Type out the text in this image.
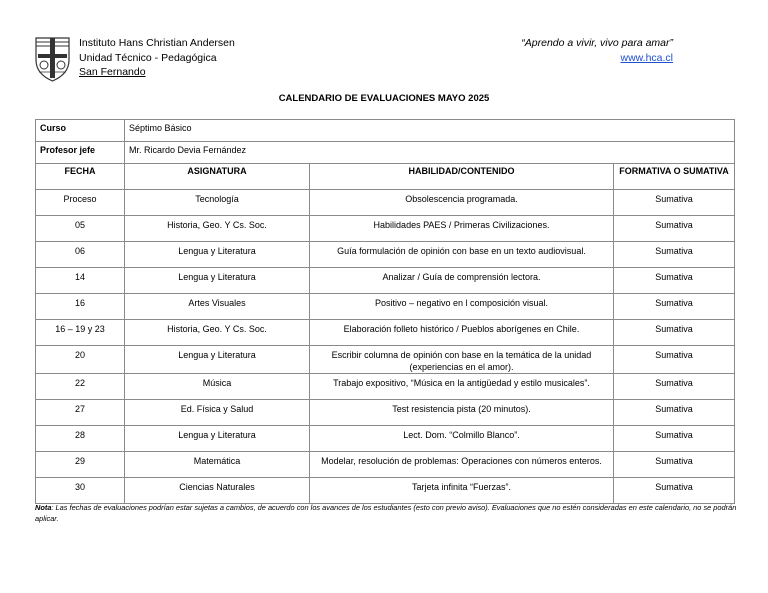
Instituto Hans Christian Andersen
Unidad Técnico - Pedagógica
San Fernando
“Aprendo a vivir, vivo para amar”
www.hca.cl
CALENDARIO DE EVALUACIONES MAYO 2025
Curso	Séptimo Básico
Profesor jefe	Mr. Ricardo Devia Fernández
FECHA	ASIGNATURA	HABILIDAD/CONTENIDO	FORMATIVA O SUMATIVA
Proceso	Tecnología	Obsolescencia programada.	Sumativa
05	Historia, Geo. Y Cs. Soc.	Habilidades PAES / Primeras Civilizaciones.	Sumativa
06	Lengua y Literatura	Guía formulación de opinión con base en un texto audiovisual.	Sumativa
14	Lengua y Literatura	Analizar / Guía de comprensión lectora.	Sumativa
16	Artes Visuales	Positivo – negativo en l composición visual.	Sumativa
16 – 19 y 23	Historia, Geo. Y Cs. Soc.	Elaboración folleto histórico / Pueblos aborígenes en Chile.	Sumativa
20	Lengua y Literatura	Escribir columna de opinión con base en la temática de la unidad (experiencias en el amor).	Sumativa
22	Música	Trabajo expositivo, “Música en la antigüedad y estilo musicales”.	Sumativa
27	Ed. Física y Salud	Test resistencia pista (20 minutos).	Sumativa
28	Lengua y Literatura	Lect. Dom. “Colmillo Blanco”.	Sumativa
29	Matemática	Modelar, resolución de problemas: Operaciones con números enteros.	Sumativa
30	Ciencias Naturales	Tarjeta infinita “Fuerzas”.	Sumativa
Nota: Las fechas de evaluaciones podrían estar sujetas a cambios, de acuerdo con los avances de los estudiantes (esto con previo aviso). Evaluaciones que no estén consideradas en este calendario, no se podrán aplicar.
